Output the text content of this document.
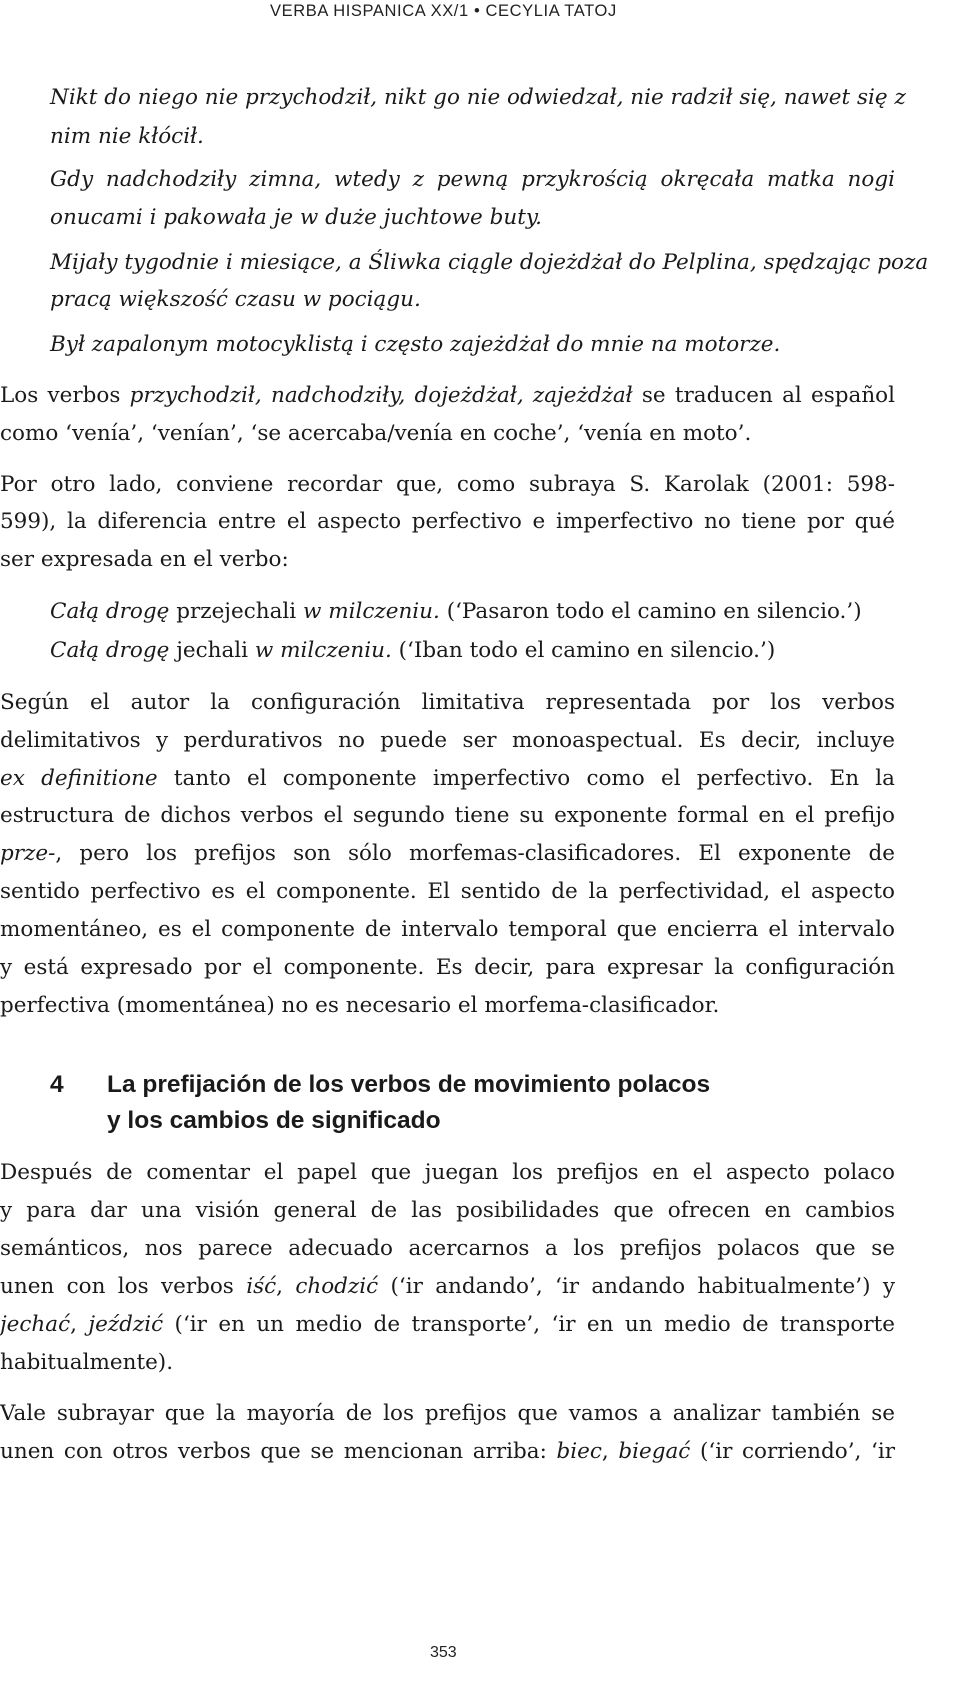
VERBA HISPANICA XX/1 • CECYLIA TATOJ
Nikt do niego nie przychodził, nikt go nie odwiedzał, nie radził się, nawet się z
nim nie kłócił.
Gdy nadchodziły zimna, wtedy z pewną przykrością okręcała matka nogi
onucami i pakowała je w duże juchtowe buty.
Mijały tygodnie i miesiące, a Śliwka ciągle dojeżdżał do Pelplina, spędzając poza
pracą większość czasu w pociągu.
Był zapalonym motocyklistą i często zajeżdżał do mnie na motorze.
Los verbos przychodził, nadchodziły, dojeżdżał, zajeżdżał se traducen al español
como ‘venía’, ‘venían’, ‘se acercaba/venía en coche’, ‘venía en moto’.
Por otro lado, conviene recordar que, como subraya S. Karolak (2001: 598-
599), la diferencia entre el aspecto perfectivo e imperfectivo no tiene por qué
ser expresada en el verbo:
Całą drogę przejechali w milczeniu. (‘Pasaron todo el camino en silencio.’)
Całą drogę jechali w milczeniu. (‘Iban todo el camino en silencio.’)
Según el autor la configuración limitativa representada por los verbos
delimitativos y perdurativos no puede ser monoaspectual. Es decir, incluye
ex definitione tanto el componente imperfectivo como el perfectivo. En la
estructura de dichos verbos el segundo tiene su exponente formal en el prefijo
prze-, pero los prefijos son sólo morfemas-clasificadores. El exponente de
sentido perfectivo es el componente. El sentido de la perfectividad, el aspecto
momentáneo, es el componente de intervalo temporal que encierra el intervalo
y está expresado por el componente. Es decir, para expresar la configuración
perfectiva (momentánea) no es necesario el morfema-clasificador.
4 La prefijación de los verbos de movimiento polacos
y los cambios de significado
Después de comentar el papel que juegan los prefijos en el aspecto polaco
y para dar una visión general de las posibilidades que ofrecen en cambios
semánticos, nos parece adecuado acercarnos a los prefijos polacos que se
unen con los verbos iść, chodzić (‘ir andando’, ‘ir andando habitualmente’) y
jechać, jeździć (‘ir en un medio de transporte’, ‘ir en un medio de transporte
habitualmente).
Vale subrayar que la mayoría de los prefijos que vamos a analizar también se
unen con otros verbos que se mencionan arriba: biec, biegać (‘ir corriendo’, ‘ir
353
